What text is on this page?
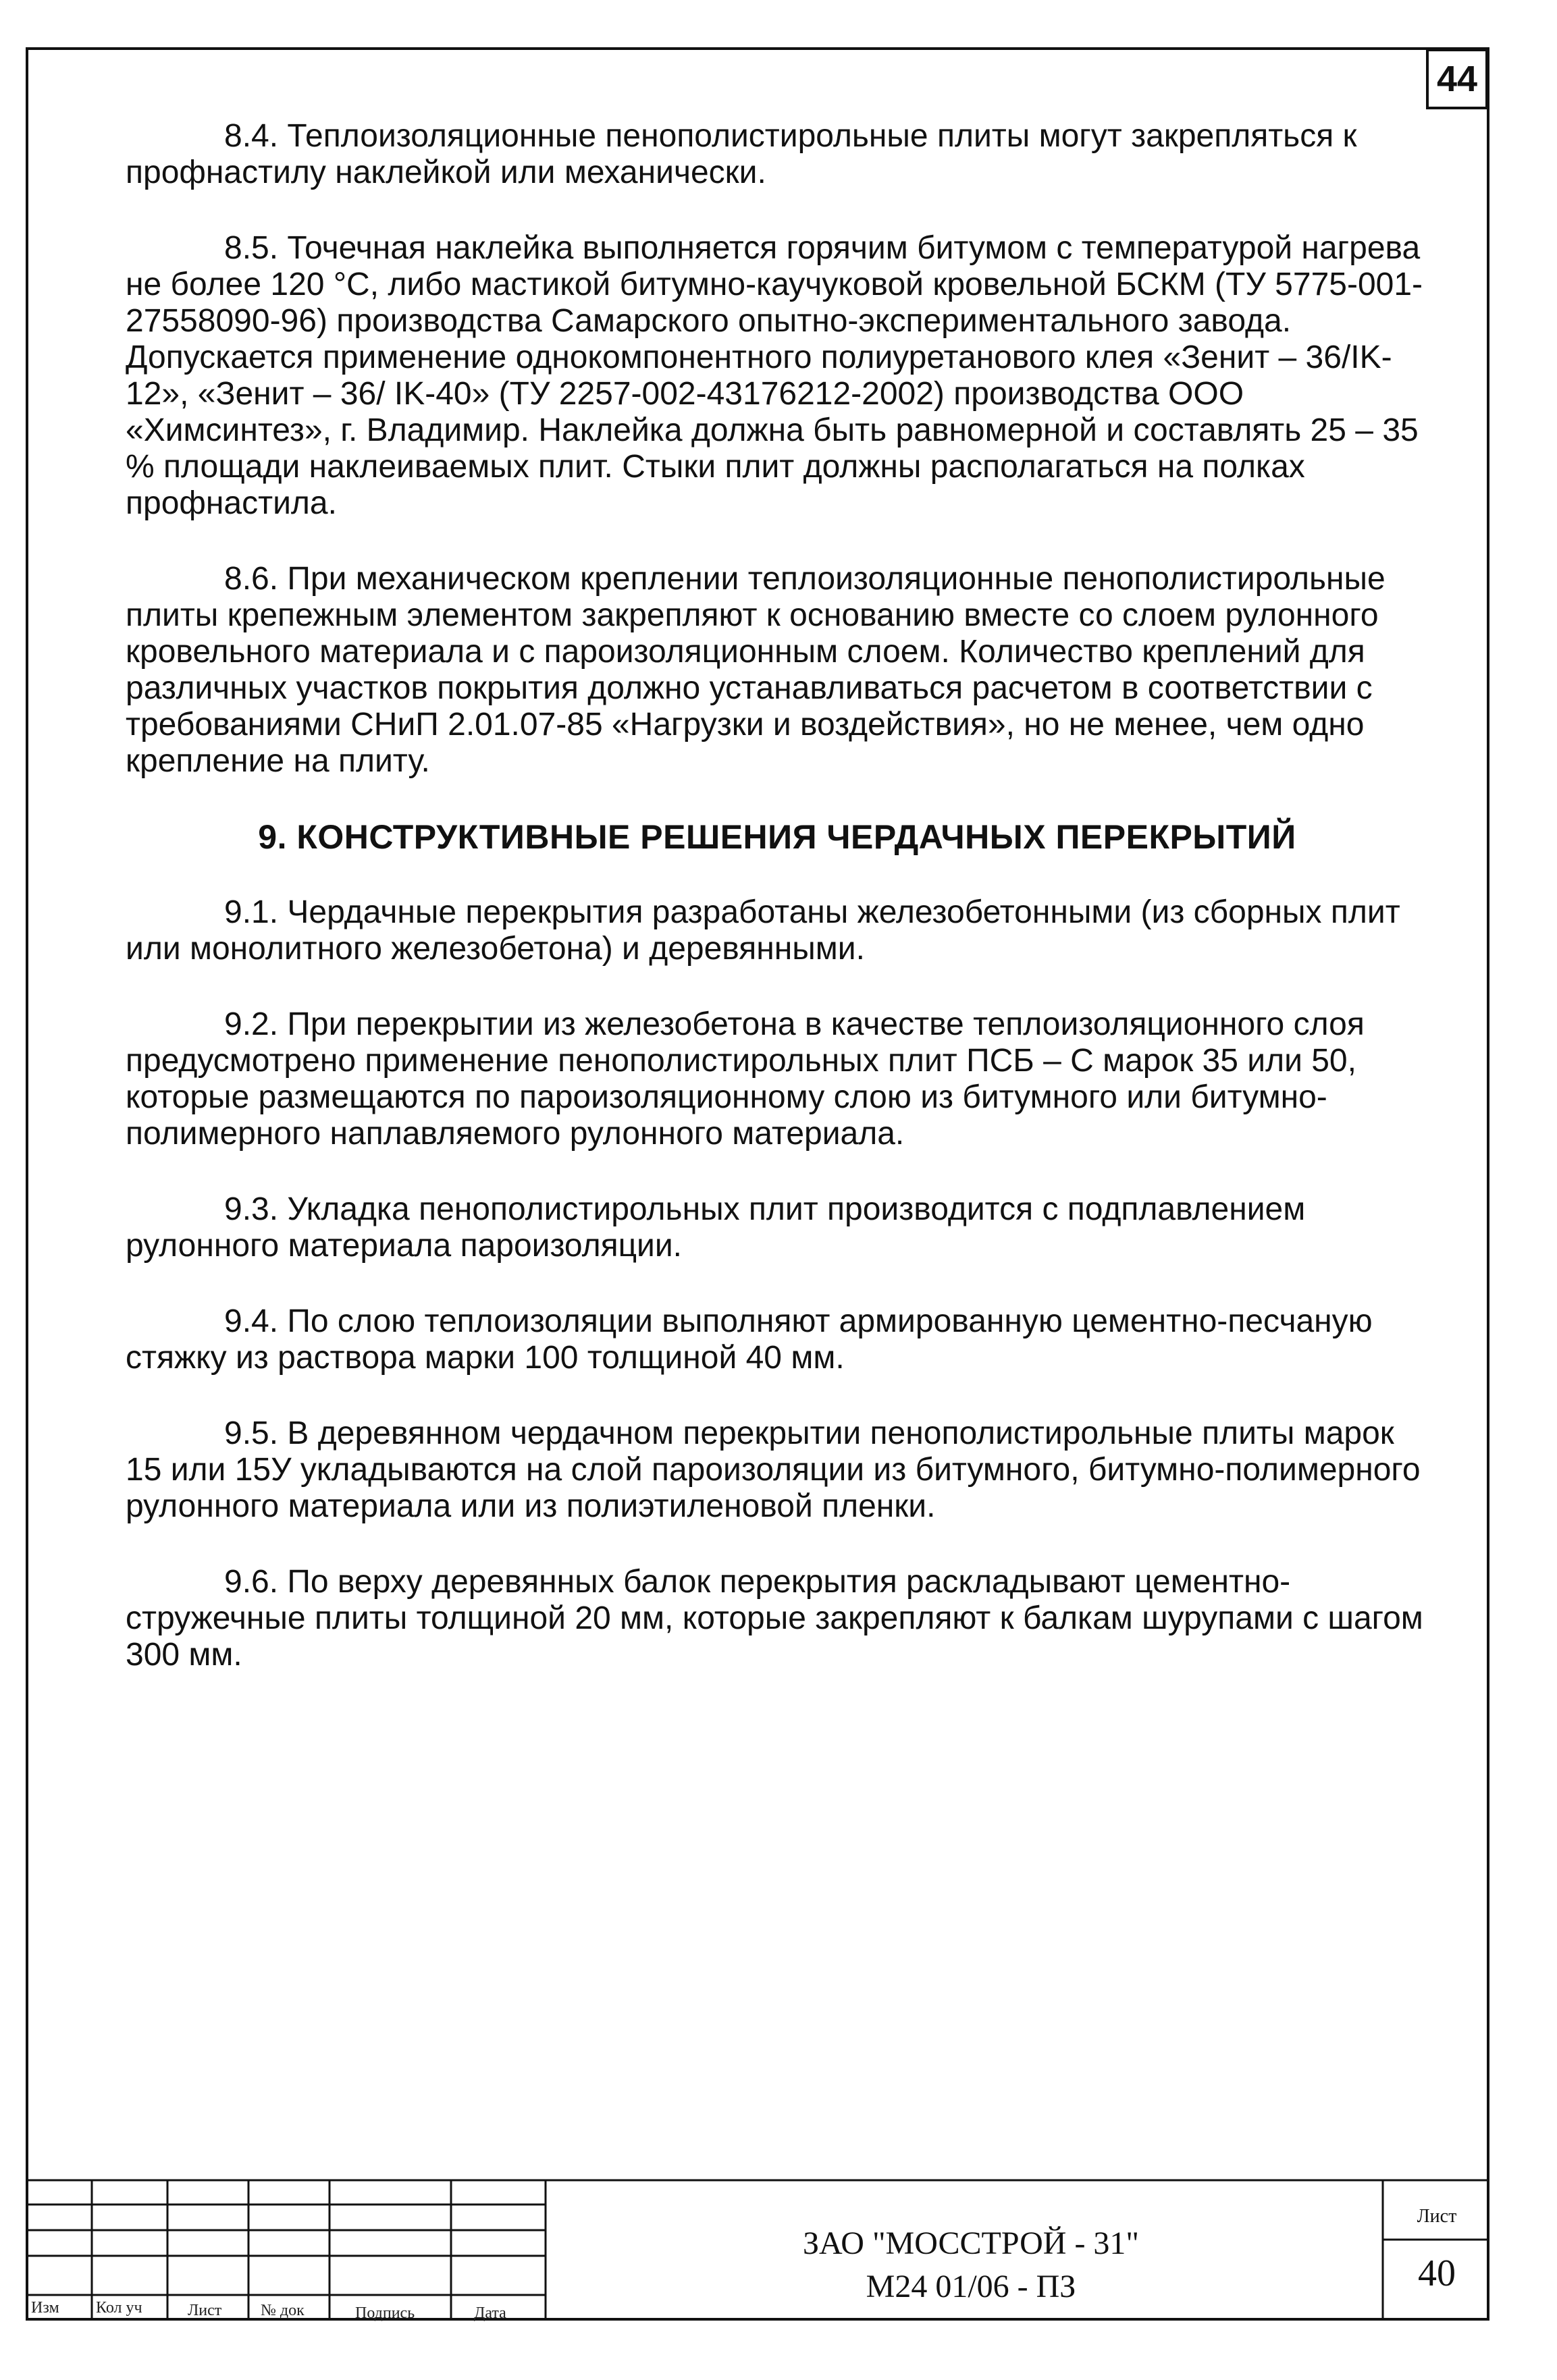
44

8.4. Теплоизоляционные пенополистирольные плиты могут закрепляться к профнастилу наклейкой или механически.

8.5. Точечная наклейка выполняется горячим битумом с температурой нагрева не более 120 °С, либо мастикой битумно-каучуковой кровельной БСКМ (ТУ 5775-001-27558090-96) производства Самарского опытно-экспериментального завода. Допускается применение однокомпонентного полиуретанового клея «Зенит – 36/IK-12», «Зенит – 36/ IK-40» (ТУ 2257-002-43176212-2002) производства ООО «Химсинтез», г. Владимир. Наклейка должна быть равномерной и составлять 25 – 35 % площади наклеиваемых плит. Стыки плит должны располагаться на полках профнастила.

8.6. При механическом креплении теплоизоляционные пенополистирольные плиты крепежным элементом закрепляют к основанию вместе со слоем рулонного кровельного материала и с пароизоляционным слоем. Количество креплений для различных участков покрытия должно устанавливаться расчетом в соответствии с требованиями СНиП 2.01.07-85 «Нагрузки и воздействия», но не менее, чем одно крепление на плиту.

9. КОНСТРУКТИВНЫЕ РЕШЕНИЯ ЧЕРДАЧНЫХ ПЕРЕКРЫТИЙ

9.1. Чердачные перекрытия разработаны железобетонными (из сборных плит или монолитного железобетона) и деревянными.

9.2. При перекрытии из железобетона в качестве теплоизоляционного слоя предусмотрено применение пенополистирольных плит ПСБ – С марок 35 или 50, которые размещаются по пароизоляционному слою из битумного или битумно-полимерного наплавляемого рулонного материала.

9.3. Укладка пенополистирольных плит производится с подплавлением рулонного материала пароизоляции.

9.4. По слою теплоизоляции выполняют армированную цементно-песчаную стяжку из раствора марки 100 толщиной 40 мм.

9.5. В деревянном чердачном перекрытии пенополистирольные плиты марок 15 или 15У укладываются на слой пароизоляции из битумного, битумно-полимерного рулонного материала или из полиэтиленовой пленки.

9.6. По верху деревянных балок перекрытия раскладывают цементно-стружечные плиты толщиной 20 мм, которые закрепляют к балкам шурупами с шагом 300 мм.

Изм Кол уч	Лист № док	Подпись	Дата
ЗАО "МОССТРОЙ - 31"
М24 01/06 - ПЗ
Лист
40
